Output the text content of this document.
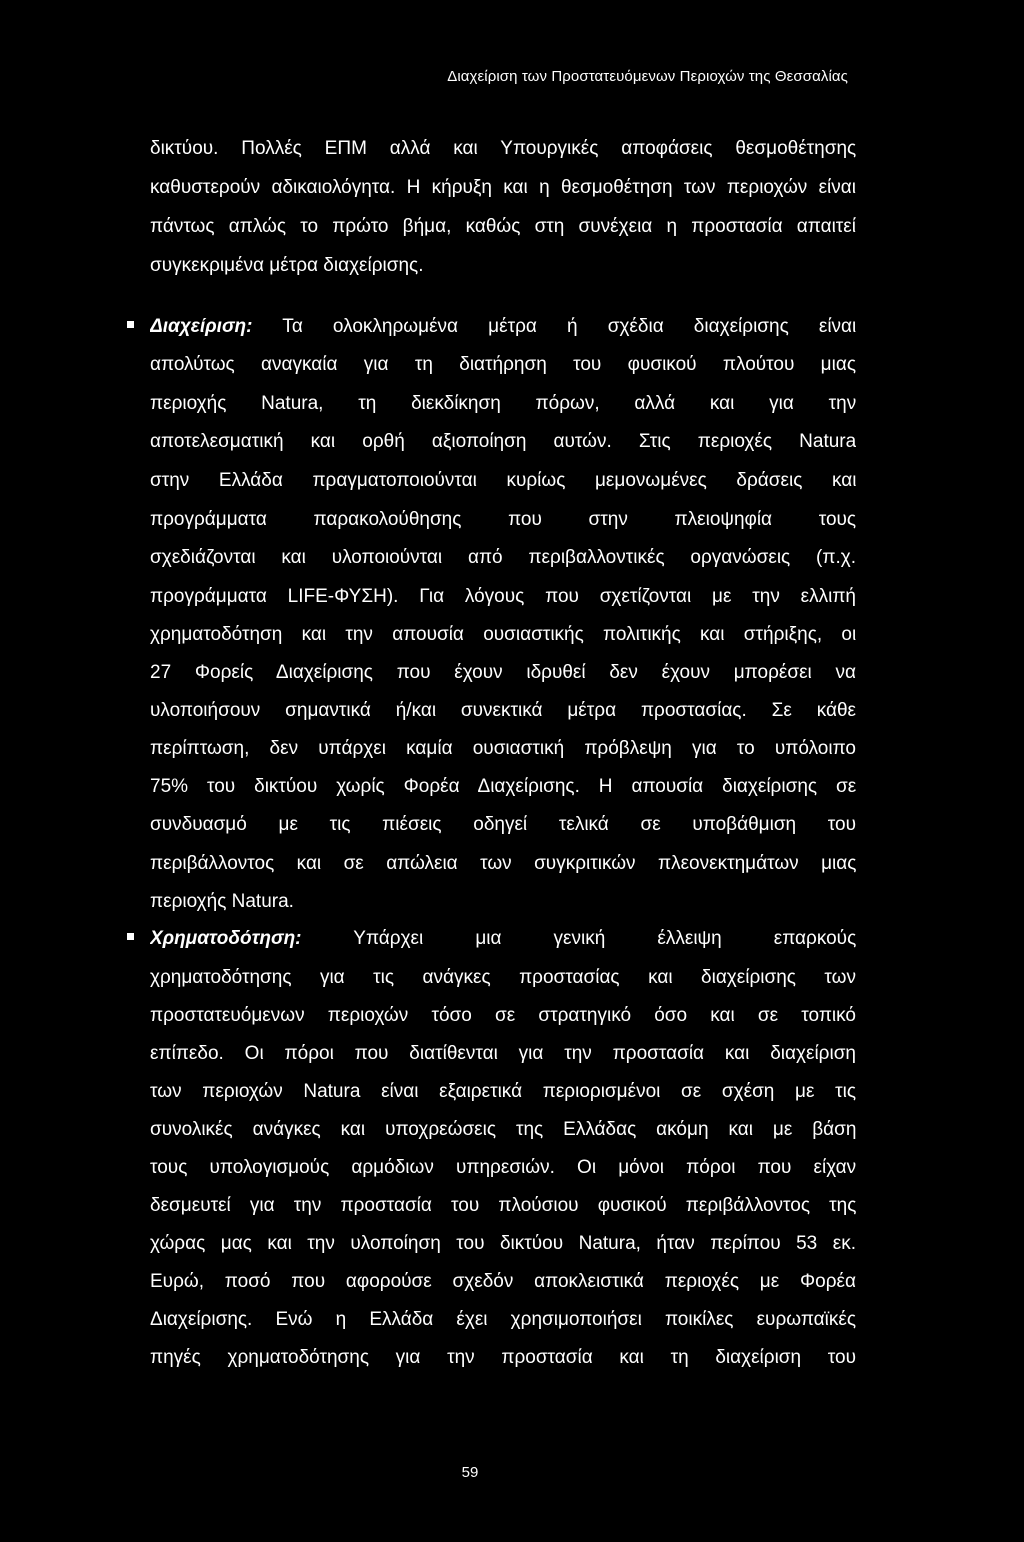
Διαχείριση των Προστατευόμενων Περιοχών της Θεσσαλίας
δικτύου. Πολλές ΕΠΜ αλλά και Υπουργικές αποφάσεις θεσμοθέτησης
καθυστερούν αδικαιολόγητα. Η κήρυξη και η θεσμοθέτηση των περιοχών είναι
πάντως απλώς το πρώτο βήμα, καθώς στη συνέχεια η προστασία απαιτεί
συγκεκριμένα μέτρα διαχείρισης.
Διαχείριση: Τα ολοκληρωμένα μέτρα ή σχέδια διαχείρισης είναι
απολύτως αναγκαία για τη διατήρηση του φυσικού πλούτου μιας
περιοχής Natura, τη διεκδίκηση πόρων, αλλά και για την
αποτελεσματική και ορθή αξιοποίηση αυτών. Στις περιοχές Natura
στην Ελλάδα πραγματοποιούνται κυρίως μεμονωμένες δράσεις και
προγράμματα παρακολούθησης που στην πλειοψηφία τους
σχεδιάζονται και υλοποιούνται από περιβαλλοντικές οργανώσεις (π.χ.
προγράμματα LIFE-ΦΥΣΗ). Για λόγους που σχετίζονται με την ελλιπή
χρηματοδότηση και την απουσία ουσιαστικής πολιτικής και στήριξης, οι
27 Φορείς Διαχείρισης που έχουν ιδρυθεί δεν έχουν μπορέσει να
υλοποιήσουν σημαντικά ή/και συνεκτικά μέτρα προστασίας. Σε κάθε
περίπτωση, δεν υπάρχει καμία ουσιαστική πρόβλεψη για το υπόλοιπο
75% του δικτύου χωρίς Φορέα Διαχείρισης. Η απουσία διαχείρισης σε
συνδυασμό με τις πιέσεις οδηγεί τελικά σε υποβάθμιση του
περιβάλλοντος και σε απώλεια των συγκριτικών πλεονεκτημάτων μιας
περιοχής Natura.
Χρηματοδότηση:	Υπάρχει μια γενική έλλειψη επαρκούς
χρηματοδότησης για τις ανάγκες προστασίας και διαχείρισης των
προστατευόμενων περιοχών τόσο σε στρατηγικό όσο και σε τοπικό
επίπεδο. Οι πόροι που διατίθενται για την προστασία και διαχείριση
των περιοχών Natura είναι εξαιρετικά περιορισμένοι σε σχέση με τις
συνολικές ανάγκες και υποχρεώσεις της Ελλάδας ακόμη και με βάση
τους υπολογισμούς αρμόδιων υπηρεσιών. Οι μόνοι πόροι που είχαν
δεσμευτεί για την προστασία του πλούσιου φυσικού περιβάλλοντος της
χώρας μας και την υλοποίηση του δικτύου Natura, ήταν περίπου 53 εκ.
Ευρώ, ποσό που αφορούσε σχεδόν αποκλειστικά περιοχές με Φορέα
Διαχείρισης. Ενώ η Ελλάδα έχει χρησιμοποιήσει ποικίλες ευρωπαϊκές
πηγές χρηματοδότησης για την προστασία και τη διαχείριση του
59
